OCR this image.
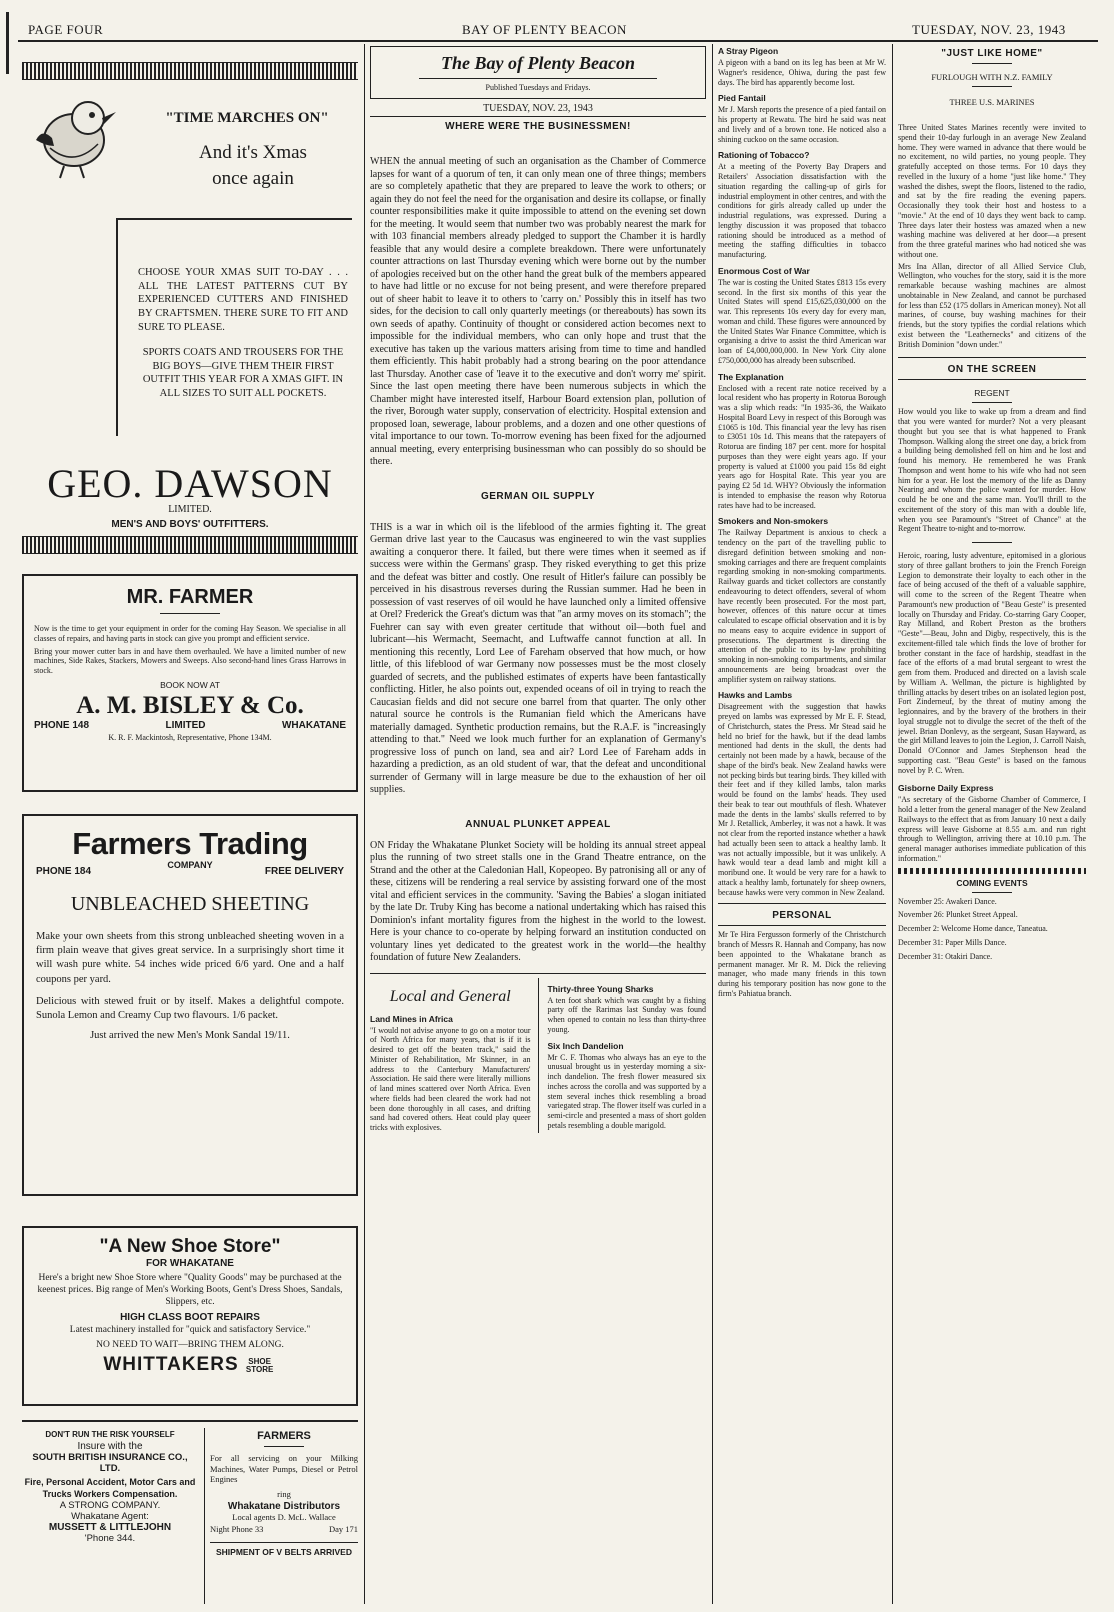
PAGE FOUR	BAY OF PLENTY BEACON	TUESDAY, NOV. 23, 1943
"TIME MARCHES ON"
And it's Xmas
once again

CHOOSE YOUR XMAS SUIT TO-DAY . . . ALL THE LATEST PATTERNS CUT BY EXPERIENCED CUTTERS AND FINISHED BY CRAFTSMEN. THERE SURE TO FIT AND SURE TO PLEASE.

SPORTS COATS AND TROUSERS FOR THE BIG BOYS—GIVE THEM THEIR FIRST OUTFIT THIS YEAR FOR A XMAS GIFT. IN ALL SIZES TO SUIT ALL POCKETS.

GEO. DAWSON
LIMITED.
MEN'S AND BOYS' OUTFITTERS.
MR. FARMER

Now is the time to get your equipment in order for the coming Hay Season. We specialise in all classes of repairs, and having parts in stock can give you prompt and efficient service.

Bring your mower cutter bars in and have them overhauled. We have a limited number of new machines, Side Rakes, Stackers, Mowers and Sweeps. Also second-hand lines Grass Harrows in stock.

BOOK NOW AT
A. M. BISLEY & Co.
PHONE 148	LIMITED	WHAKATANE
K. R. F. Mackintosh, Representative, Phone 134M.
Farmers Trading
COMPANY
PHONE 184	FREE DELIVERY
UNBLEACHED SHEETING

Make your own sheets from this strong unbleached sheeting woven in a firm plain weave that gives great service. In a surprisingly short time it will wash pure white. 54 inches wide priced 6/6 yard. One and a half coupons per yard.

Delicious with stewed fruit or by itself. Makes a delightful compote. Sunola Lemon and Creamy Cup two flavours. 1/6 packet.

Just arrived the new Men's Monk Sandal 19/11.

"A New Shoe Store"
FOR WHAKATANE

Here's a bright new Shoe Store where "Quality Goods" may be purchased at the keenest prices. Big range of Men's Working Boots, Gent's Dress Shoes, Sandals, Slippers, etc.

HIGH CLASS BOOT REPAIRS

Latest machinery installed for "quick and satisfactory Service."

NO NEED TO WAIT—BRING THEM ALONG.
WHITTAKERS SHOE STORE
DON'T RUN THE RISK YOURSELF
Insure with the
SOUTH BRITISH INSURANCE CO., LTD.
Fire, Personal Accident, Motor Cars and Trucks Workers Compensation.
A STRONG COMPANY.
Whakatane Agent:
MUSSETT & LITTLEJOHN
'Phone 344.
FARMERS

For all servicing on your Milking Machines, Water Pumps, Diesel or Petrol Engines

ring
Whakatane Distributors
Local agents D. McL. Wallace
Night Phone 33	Day 171
SHIPMENT OF V BELTS ARRIVED
The Bay of Plenty Beacon
Published Tuesdays and Fridays.
TUESDAY, NOV. 23, 1943
WHERE WERE THE BUSINESSMEN!

WHEN the annual meeting of such an organisation as the Chamber of Commerce lapses for want of a quorum of ten, it can only mean one of three things; members are so completely apathetic that they are prepared to leave the work to others; or again they do not feel the need for the organisation and desire its collapse, or finally counter responsibilities make it quite impossible to attend on the evening set down for the meeting. It would seem that number two was probably nearest the mark for with 103 financial members already pledged to support the Chamber it is hardly feasible that any would desire a complete breakdown. There were unfortunately counter attractions on last Thursday evening which were borne out by the number of apologies received but on the other hand the great bulk of the members appeared to have had little or no excuse for not being present, and were therefore prepared out of sheer habit to leave it to others to 'carry on.' Possibly this in itself has two sides, for the decision to call only quarterly meetings (or thereabouts) has sown its own seeds of apathy. Continuity of thought or considered action becomes next to impossible for the individual members, who can only hope and trust that the executive has taken up the various matters arising from time to time and handled them efficiently. This habit probably had a strong bearing on the poor attendance last Thursday. Another case of 'leave it to the executive and don't worry me' spirit. Since the last open meeting there have been numerous subjects in which the Chamber might have interested itself, Harbour Board extension plan, pollution of the river, Borough water supply, conservation of electricity. Hospital extension and proposed loan, sewerage, labour problems, and a dozen and one other questions of vital importance to our town. To-morrow evening has been fixed for the adjourned annual meeting, every enterprising businessman who can possibly do so should be there.

GERMAN OIL SUPPLY

THIS is a war in which oil is the lifeblood of the armies fighting it. The great German drive last year to the Caucasus was engineered to win the vast supplies awaiting a conqueror there. It failed, but there were times when it seemed as if success were within the Germans' grasp. They risked everything to get this prize and the defeat was bitter and costly. One result of Hitler's failure can possibly be perceived in his disastrous reverses during the Russian summer. Had he been in possession of vast reserves of oil would he have launched only a limited offensive at Orel? Frederick the Great's dictum was that "an army moves on its stomach"; the Fuehrer can say with even greater certitude that without oil—both fuel and lubricant—his Wermacht, Seemacht, and Luftwaffe cannot function at all. In mentioning this recently, Lord Lee of Fareham observed that how much, or how little, of this lifeblood of war Germany now possesses must be the most closely guarded of secrets, and the published estimates of experts have been fantastically conflicting. Hitler, he also points out, expended oceans of oil in trying to reach the Caucasian fields and did not secure one barrel from that quarter. The only other natural source he controls is the Rumanian field which the Americans have materially damaged. Synthetic production remains, but the R.A.F. is "increasingly attending to that." Need we look much further for an explanation of Germany's progressive loss of punch on land, sea and air? Lord Lee of Fareham adds in hazarding a prediction, as an old student of war, that the defeat and unconditional surrender of Germany will in large measure be due to the exhaustion of her oil supplies.

ANNUAL PLUNKET APPEAL

ON Friday the Whakatane Plunket Society will be holding its annual street appeal plus the running of two street stalls one in the Grand Theatre entrance, on the Strand and the other at the Caledonian Hall, Kopeopeo. By patronising all or any of these, citizens will be rendering a real service by assisting forward one of the most vital and efficient services in the community. 'Saving the Babies' a slogan initiated by the late Dr. Truby King has become a national undertaking which has raised this Dominion's infant mortality figures from the highest in the world to the lowest. Here is your chance to co-operate by helping forward an institution conducted on voluntary lines yet dedicated to the greatest work in the world—the healthy foundation of future New Zealanders.

Local and General
Land Mines in Africa

"I would not advise anyone to go on a motor tour of North Africa for many years, that is if it is desired to get off the beaten track," said the Minister of Rehabilitation, Mr Skinner, in an address to the Canterbury Manufacturers' Association. He said there were literally millions of land mines scattered over North Africa. Even where fields had been cleared the work had not been done thoroughly in all cases, and drifting sand had covered others. Heat could play queer tricks with explosives.

Thirty-three Young Sharks

A ten foot shark which was caught by a fishing party off the Rarimas last Sunday was found when opened to contain no less than thirty-three young.

Six Inch Dandelion

Mr C. F. Thomas who always has an eye to the unusual brought us in yesterday morning a six-inch dandelion. The fresh flower measured six inches across the corolla and was supported by a stem several inches thick resembling a broad variegated strap. The flower itself was curled in a semi-circle and presented a mass of short golden petals resembling a double marigold.

A Stray Pigeon

A pigeon with a band on its leg has been at Mr W. Wagner's residence, Ohiwa, during the past few days. The bird has apparently become lost.

Pied Fantail

Mr J. Marsh reports the presence of a pied fantail on his property at Rewatu. The bird he said was neat and lively and of a brown tone. He noticed also a shining cuckoo on the same occasion.

Rationing of Tobacco?

At a meeting of the Poverty Bay Drapers and Retailers' Association dissatisfaction with the situation regarding the calling-up of girls for industrial employment in other centres, and with the conditions for girls already called up under the industrial regulations, was expressed. During a lengthy discussion it was proposed that tobacco rationing should be introduced as a method of meeting the staffing difficulties in tobacco manufacturing.

Enormous Cost of War

The war is costing the United States £813 15s every second. In the first six months of this year the United States will spend £15,625,030,000 on the war. This represents 10s every day for every man, woman and child. These figures were announced by the United States War Finance Committee, which is organising a drive to assist the third American war loan of £4,000,000,000. In New York City alone £750,000,000 has already been subscribed.

The Explanation

Enclosed with a recent rate notice received by a local resident who has property in Rotorua Borough was a slip which reads: "In 1935-36, the Waikato Hospital Board Levy in respect of this Borough was £1065 is 10d. This financial year the levy has risen to £3051 10s 1d. This means that the ratepayers of Rotorua are finding 187 per cent. more for hospital purposes than they were eight years ago. If your property is valued at £1000 you paid 15s 8d eight years ago for Hospital Rate. This year you are paying £2 5d 1d. WHY? Obviously the information is intended to emphasise the reason why Rotorua rates have had to be increased.

Smokers and Non-smokers

The Railway Department is anxious to check a tendency on the part of the travelling public to disregard definition between smoking and non-smoking carriages and there are frequent complaints regarding smoking in non-smoking compartments. Railway guards and ticket collectors are constantly endeavouring to detect offenders, several of whom have recently been prosecuted. For the most part, however, offences of this nature occur at times calculated to escape official observation and it is by no means easy to acquire evidence in support of prosecutions. The department is directing the attention of the public to its by-law prohibiting smoking in non-smoking compartments, and similar announcements are being broadcast over the amplifier system on railway stations.

Hawks and Lambs

Disagreement with the suggestion that hawks preyed on lambs was expressed by Mr E. F. Stead, of Christchurch, states the Press. Mr Stead said he held no brief for the hawk, but if the dead lambs mentioned had dents in the skull, the dents had certainly not been made by a hawk, because of the shape of the bird's beak. New Zealand hawks were not pecking birds but tearing birds. They killed with their feet and if they killed lambs, talon marks would be found on the lambs' heads. They used their beak to tear out mouthfuls of flesh. Whatever made the dents in the lambs' skulls referred to by Mr J. Retallick, Amberley, it was not a hawk. It was not clear from the reported instance whether a hawk had actually been seen to attack a healthy lamb. It was not actually impossible, but it was unlikely. A hawk would tear a dead lamb and might kill a moribund one. It would be very rare for a hawk to attack a healthy lamb, fortunately for sheep owners, because hawks were very common in New Zealand.

PERSONAL

Mr Te Hira Fergusson formerly of the Christchurch branch of Messrs R. Hannah and Company, has now been appointed to the Whakatane branch as permanent manager. Mr R. M. Dick the relieving manager, who made many friends in this town during his temporary position has now gone to the firm's Pahiatua branch.

"JUST LIKE HOME"
FURLOUGH WITH N.Z. FAMILY
THREE U.S. MARINES

Three United States Marines recently were invited to spend their 10-day furlough in an average New Zealand home. They were warned in advance that there would be no excitement, no wild parties, no young people. They gratefully accepted on those terms. For 10 days they revelled in the luxury of a home "just like home." They washed the dishes, swept the floors, listened to the radio, and sat by the fire reading the evening papers. Occasionally they took their host and hostess to a "movie." At the end of 10 days they went back to camp. Three days later their hostess was amazed when a new washing machine was delivered at her door—a present from the three grateful marines who had noticed she was without one.

Mrs Ina Allan, director of all Allied Service Club, Wellington, who vouches for the story, said it is the more remarkable because washing machines are almost unobtainable in New Zealand, and cannot be purchased for less than £52 (175 dollars in American money). Not all marines, of course, buy washing machines for their friends, but the story typifies the cordial relations which exist between the "Leathernecks" and citizens of the British Dominion "down under."

ON THE SCREEN
REGENT

How would you like to wake up from a dream and find that you were wanted for murder? Not a very pleasant thought but you see that is what happened to Frank Thompson. Walking along the street one day, a brick from a building being demolished fell on him and he lost and found his memory. He remembered he was Frank Thompson and went home to his wife who had not seen him for a year. He lost the memory of the life as Danny Nearing and whom the police wanted for murder. How could he be one and the same man. You'll thrill to the excitement of the story of this man with a double life, when you see Paramount's "Street of Chance" at the Regent Theatre to-night and to-morrow.

Heroic, roaring, lusty adventure, epitomised in a glorious story of three gallant brothers to join the French Foreign Legion to demonstrate their loyalty to each other in the face of being accused of the theft of a valuable sapphire, will come to the screen of the Regent Theatre when Paramount's new production of "Beau Geste" is presented locally on Thursday and Friday. Co-starring Gary Cooper, Ray Milland, and Robert Preston as the brothers "Geste"—Beau, John and Digby, respectively, this is the excitement-filled tale which finds the love of brother for brother constant in the face of hardship, steadfast in the face of the efforts of a mad brutal sergeant to wrest the gem from them. Produced and directed on a lavish scale by William A. Wellman, the picture is highlighted by thrilling attacks by desert tribes on an isolated legion post, Fort Zinderneuf, by the threat of mutiny among the legionnaires, and by the bravery of the brothers in their loyal struggle not to divulge the secret of the theft of the jewel. Brian Donlevy, as the sergeant, Susan Hayward, as the girl Milland leaves to join the Legion, J. Carroll Naish, Donald O'Connor and James Stephenson head the supporting cast. "Beau Geste" is based on the famous novel by P. C. Wren.

Gisborne Daily Express

"As secretary of the Gisborne Chamber of Commerce, I hold a letter from the general manager of the New Zealand Railways to the effect that as from January 10 next a daily express will leave Gisborne at 8.55 a.m. and run right through to Wellington, arriving there at 10.10 p.m. The general manager authorises immediate publication of this information."

COMING EVENTS
November 25: Awakeri Dance.
November 26: Plunket Street Appeal.
December 2: Welcome Home dance, Taneatua.
December 31: Paper Mills Dance.
December 31: Otakiri Dance.
